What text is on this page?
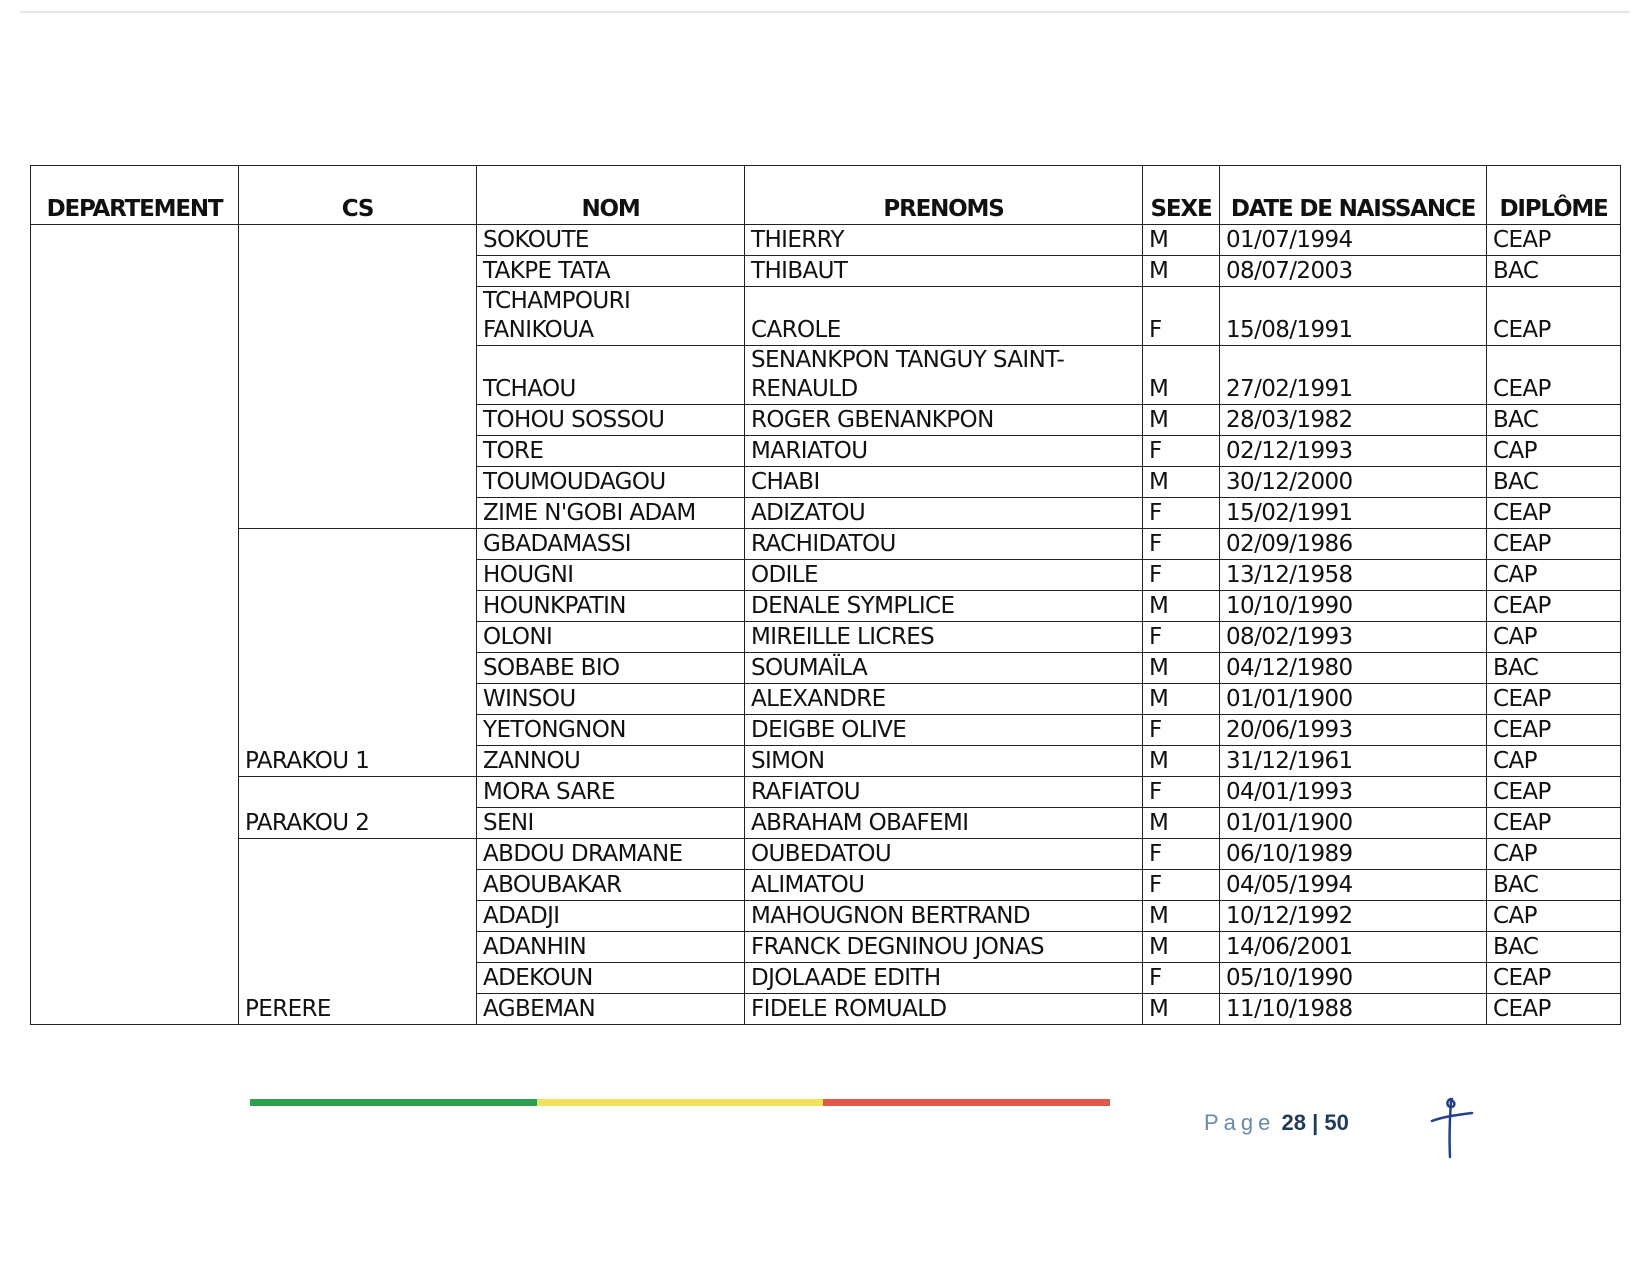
DEPARTEMENT	CS	NOM	PRENOMS	SEXE	DATE DE NAISSANCE	DIPLÔME
		SOKOUTE	THIERRY	M	01/07/1994	CEAP
		TAKPE TATA	THIBAUT	M	08/07/2003	BAC
		TCHAMPOURI FANIKOUA	CAROLE	F	15/08/1991	CEAP
		TCHAOU	SENANKPON TANGUY SAINT-RENAULD	M	27/02/1991	CEAP
		TOHOU SOSSOU	ROGER GBENANKPON	M	28/03/1982	BAC
		TORE	MARIATOU	F	02/12/1993	CAP
		TOUMOUDAGOU	CHABI	M	30/12/2000	BAC
		ZIME N'GOBI ADAM	ADIZATOU	F	15/02/1991	CEAP
	PARAKOU 1	GBADAMASSI	RACHIDATOU	F	02/09/1986	CEAP
		HOUGNI	ODILE	F	13/12/1958	CAP
		HOUNKPATIN	DENALE SYMPLICE	M	10/10/1990	CEAP
		OLONI	MIREILLE LICRES	F	08/02/1993	CAP
		SOBABE BIO	SOUMAÏLA	M	04/12/1980	BAC
		WINSOU	ALEXANDRE	M	01/01/1900	CEAP
		YETONGNON	DEIGBE OLIVE	F	20/06/1993	CEAP
		ZANNOU	SIMON	M	31/12/1961	CAP
	PARAKOU 2	MORA SARE	RAFIATOU	F	04/01/1993	CEAP
		SENI	ABRAHAM OBAFEMI	M	01/01/1900	CEAP
	PERERE	ABDOU DRAMANE	OUBEDATOU	F	06/10/1989	CAP
		ABOUBAKAR	ALIMATOU	F	04/05/1994	BAC
		ADADJI	MAHOUGNON BERTRAND	M	10/12/1992	CAP
		ADANHIN	FRANCK DEGNINOU JONAS	M	14/06/2001	BAC
		ADEKOUN	DJOLAADE EDITH	F	05/10/1990	CEAP
		AGBEMAN	FIDELE ROMUALD	M	11/10/1988	CEAP
Page 28 | 50
